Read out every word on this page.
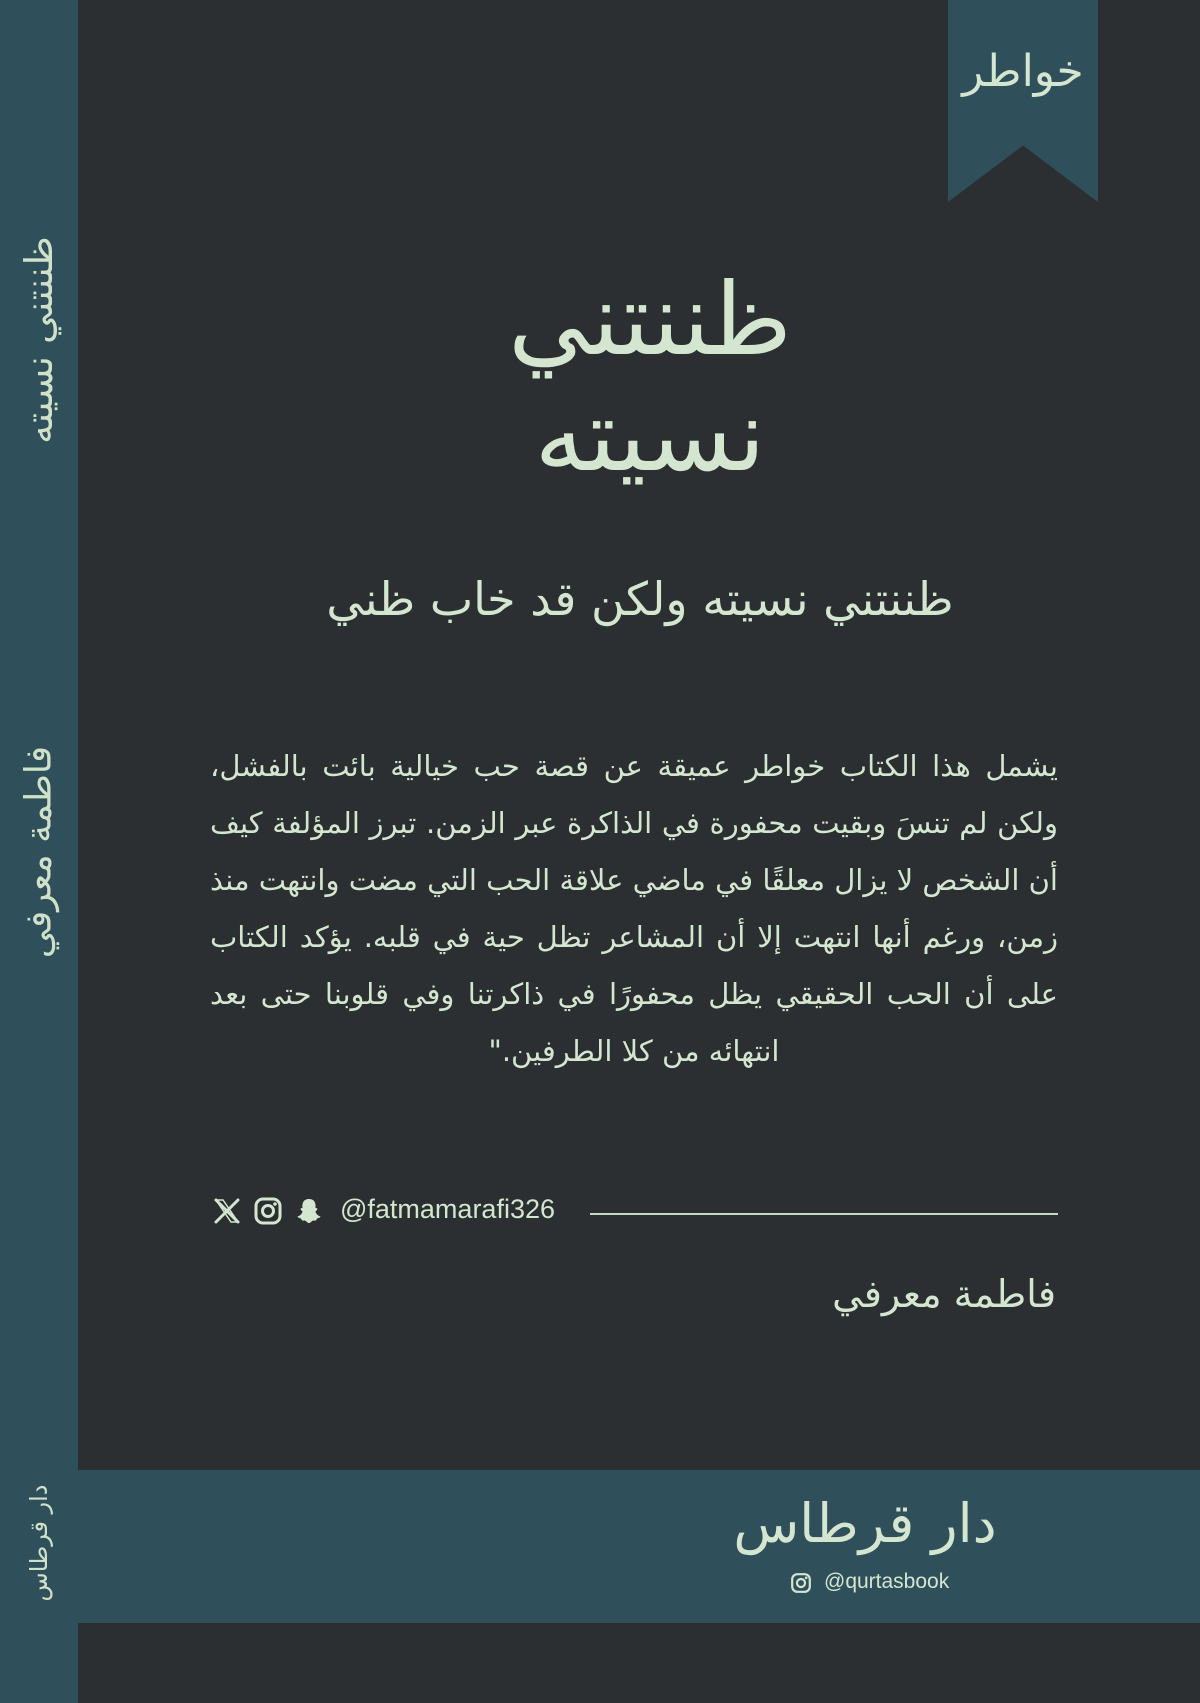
ظننتني نسيته
فاطمة معرفي
دار قرطاس
خواطر
ظننتني
نسيته
ظننتني نسيته ولكن قد خاب ظني
يشمل هذا الكتاب خواطر عميقة عن قصة حب خيالية بائت بالفشل، ولكن لم تنسَ وبقيت محفورة في الذاكرة عبر الزمن. تبرز المؤلفة كيف أن الشخص لا يزال معلقًا في ماضي علاقة الحب التي مضت وانتهت منذ زمن، ورغم أنها انتهت إلا أن المشاعر تظل حية في قلبه. يؤكد الكتاب على أن الحب الحقيقي يظل محفورًا في ذاكرتنا وفي قلوبنا حتى بعد انتهائه من كلا الطرفين."
@fatmamarafi326
فاطمة معرفي
دار قرطاس
@qurtasbook
